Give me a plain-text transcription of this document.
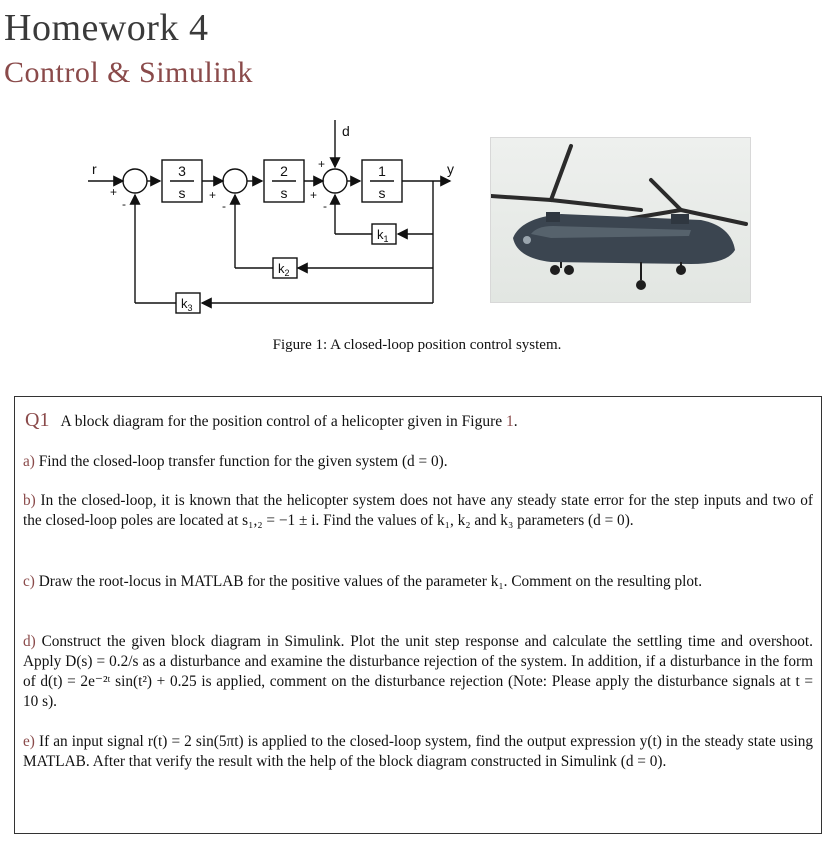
Homework 4
Control & Simulink
r	y
d
3
s
2
s
1
s
$k_1$
$k_2$
$k_3$
+
-
+
-
+
+
-
Figure 1: A closed-loop position control system.
Q1 A block diagram for the position control of a helicopter given in Figure 1.
a) Find the closed-loop transfer function for the given system (d = 0).
b) In the closed-loop, it is known that the helicopter system does not have any steady state error for the step inputs and two of the closed-loop poles are located at s₁,₂ = −1 ± i. Find the values of k₁, k₂ and k₃ parameters (d = 0).
c) Draw the root-locus in MATLAB for the positive values of the parameter k₁. Comment on the resulting plot.
d) Construct the given block diagram in Simulink. Plot the unit step response and calculate the settling time and overshoot. Apply D(s) = 0.2/s as a disturbance and examine the disturbance rejection of the system. In addition, if a disturbance in the form of d(t) = 2e⁻²ᵗ sin(t²) + 0.25 is applied, comment on the disturbance rejection (Note: Please apply the disturbance signals at t = 10 s).
e) If an input signal r(t) = 2 sin(5πt) is applied to the closed-loop system, find the output expression y(t) in the steady state using MATLAB. After that verify the result with the help of the block diagram constructed in Simulink (d = 0).
